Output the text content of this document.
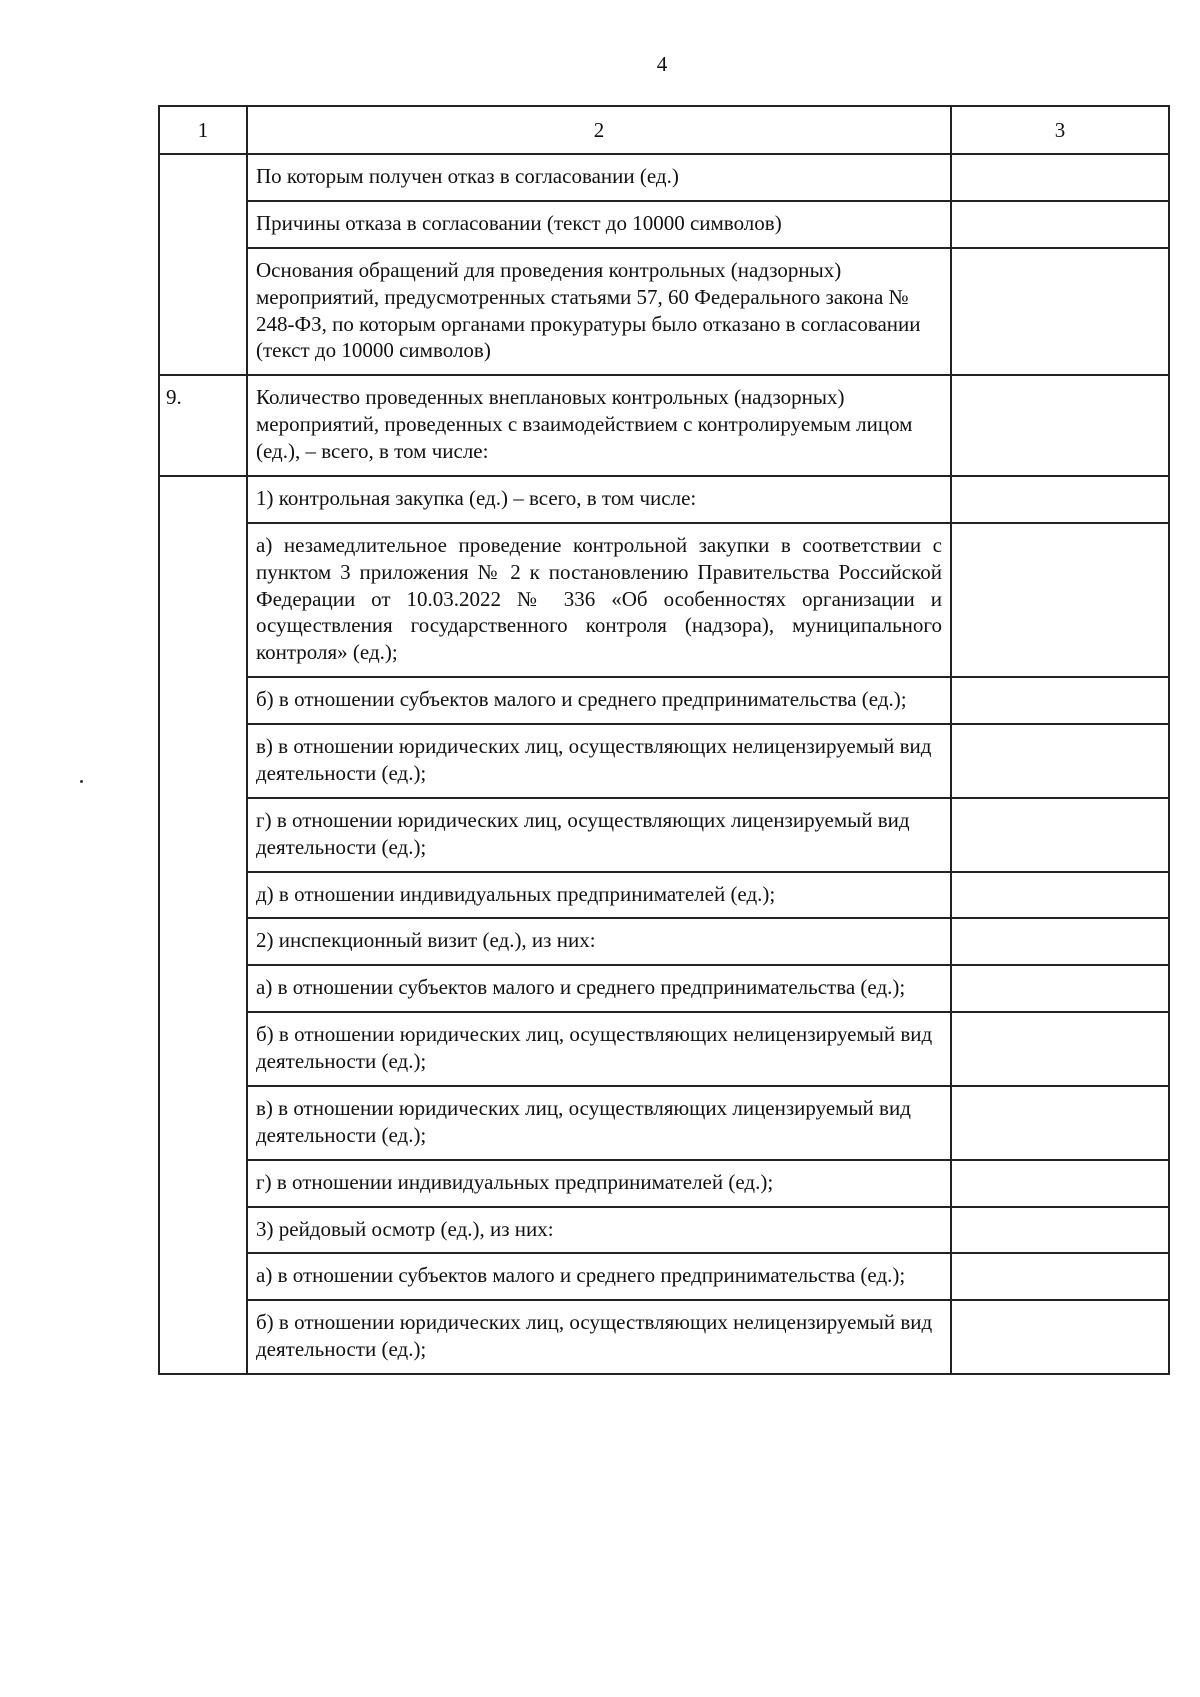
4
1	2	3
	По которым получен отказ в согласовании (ед.)	
	Причины отказа в согласовании (текст до 10000 символов)	
	Основания обращений для проведения контрольных (надзорных) мероприятий, предусмотренных статьями 57, 60 Федерального закона № 248-ФЗ, по которым органами прокуратуры было отказано в согласовании (текст до 10000 символов)	
9.	Количество проведенных внеплановых контрольных (надзорных) мероприятий, проведенных с взаимодействием с контролируемым лицом (ед.), – всего, в том числе:	
	1) контрольная закупка (ед.) – всего, в том числе:	
	а) незамедлительное проведение контрольной закупки в соответствии с пунктом 3 приложения № 2 к постановлению Правительства Российской Федерации от 10.03.2022 № 336 «Об особенностях организации и осуществления государственного контроля (надзора), муниципального контроля» (ед.);	
	б) в отношении субъектов малого и среднего предпринимательства (ед.);	
	в) в отношении юридических лиц, осуществляющих нелицензируемый вид деятельности (ед.);	
	г) в отношении юридических лиц, осуществляющих лицензируемый вид деятельности (ед.);	
	д) в отношении индивидуальных предпринимателей (ед.);	
	2) инспекционный визит (ед.), из них:	
	а) в отношении субъектов малого и среднего предпринимательства (ед.);	
	б) в отношении юридических лиц, осуществляющих нелицензируемый вид деятельности (ед.);	
	в) в отношении юридических лиц, осуществляющих лицензируемый вид деятельности (ед.);	
	г) в отношении индивидуальных предпринимателей (ед.);	
	3) рейдовый осмотр (ед.), из них:	
	а) в отношении субъектов малого и среднего предпринимательства (ед.);	
	б) в отношении юридических лиц, осуществляющих нелицензируемый вид деятельности (ед.);	
